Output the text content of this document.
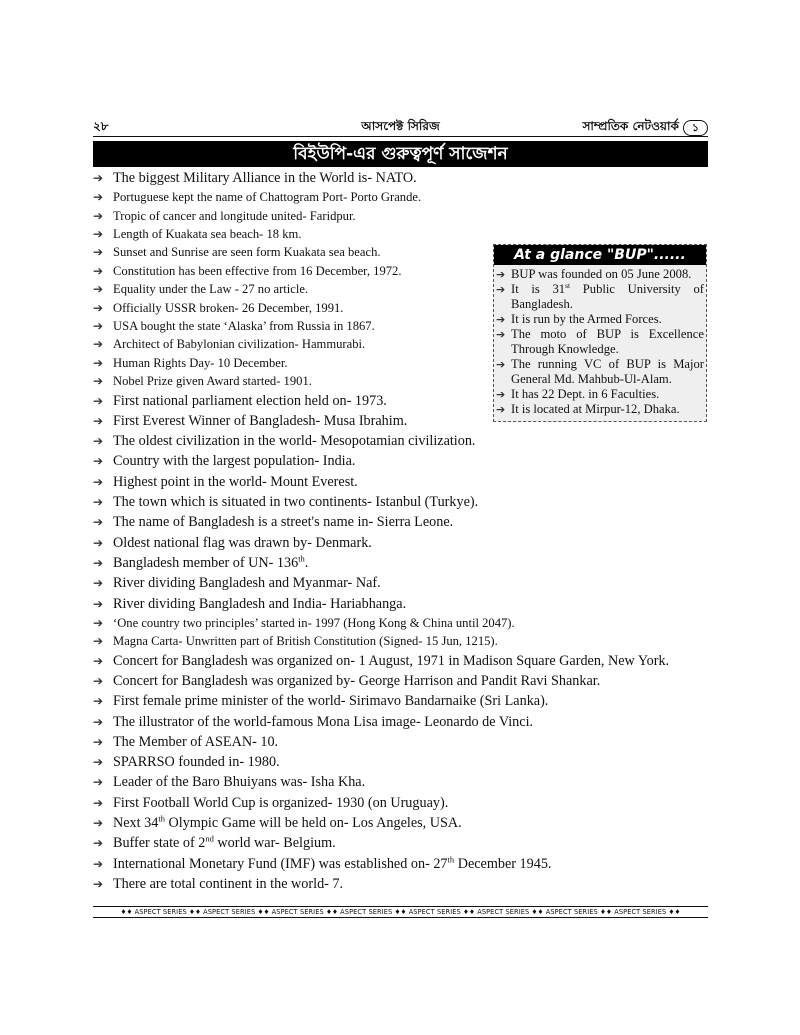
২৮	আসপেক্ট সিরিজ	সাম্প্রতিক নেটওয়ার্ক	১
বিইউপি-এর গুরুত্বপূর্ণ সাজেশন
➔ The biggest Military Alliance in the World is- NATO.
➔ Portuguese kept the name of Chattogram Port- Porto Grande.
➔ Tropic of cancer and longitude united- Faridpur.
➔ Length of Kuakata sea beach- 18 km.
➔ Sunset and Sunrise are seen form Kuakata sea beach.
➔ Constitution has been effective from 16 December, 1972.
➔ Equality under the Law - 27 no article.
➔ Officially USSR broken- 26 December, 1991.
➔ USA bought the state ‘Alaska’ from Russia in 1867.
➔ Architect of Babylonian civilization- Hammurabi.
➔ Human Rights Day- 10 December.
➔ Nobel Prize given Award started- 1901.
➔ First national parliament election held on- 1973.
➔ First Everest Winner of Bangladesh- Musa Ibrahim.
➔ The oldest civilization in the world- Mesopotamian civilization.
➔ Country with the largest population- India.
➔ Highest point in the world- Mount Everest.
➔ The town which is situated in two continents- Istanbul (Turkye).
➔ The name of Bangladesh is a street's name in- Sierra Leone.
➔ Oldest national flag was drawn by- Denmark.
➔ Bangladesh member of UN- 136th.
➔ River dividing Bangladesh and Myanmar- Naf.
➔ River dividing Bangladesh and India- Hariabhanga.
➔ ‘One country two principles’ started in- 1997 (Hong Kong & China until 2047).
➔ Magna Carta- Unwritten part of British Constitution (Signed- 15 Jun, 1215).
➔ Concert for Bangladesh was organized on- 1 August, 1971 in Madison Square Garden, New York.
➔ Concert for Bangladesh was organized by- George Harrison and Pandit Ravi Shankar.
➔ First female prime minister of the world- Sirimavo Bandarnaike (Sri Lanka).
➔ The illustrator of the world-famous Mona Lisa image- Leonardo de Vinci.
➔ The Member of ASEAN- 10.
➔ SPARRSO founded in- 1980.
➔ Leader of the Baro Bhuiyans was- Isha Kha.
➔ First Football World Cup is organized- 1930 (on Uruguay).
➔ Next 34th Olympic Game will be held on- Los Angeles, USA.
➔ Buffer state of 2nd world war- Belgium.
➔ International Monetary Fund (IMF) was established on- 27th December 1945.
➔ There are total continent in the world- 7.
At a glance "BUP"......
➔ BUP was founded on 05 June 2008.
➔ It is 31st Public University of Bangladesh.
➔ It is run by the Armed Forces.
➔ The moto of BUP is Excellence Through Knowledge.
➔ The running VC of BUP is Major General Md. Mahbub-Ul-Alam.
➔ It has 22 Dept. in 6 Faculties.
➔ It is located at Mirpur-12, Dhaka.
♦♦ ASPECT SERIES ♦♦ ASPECT SERIES ♦♦ ASPECT SERIES ♦♦ ASPECT SERIES ♦♦ ASPECT SERIES ♦♦ ASPECT SERIES ♦♦ ASPECT SERIES ♦♦ ASPECT SERIES ♦♦
